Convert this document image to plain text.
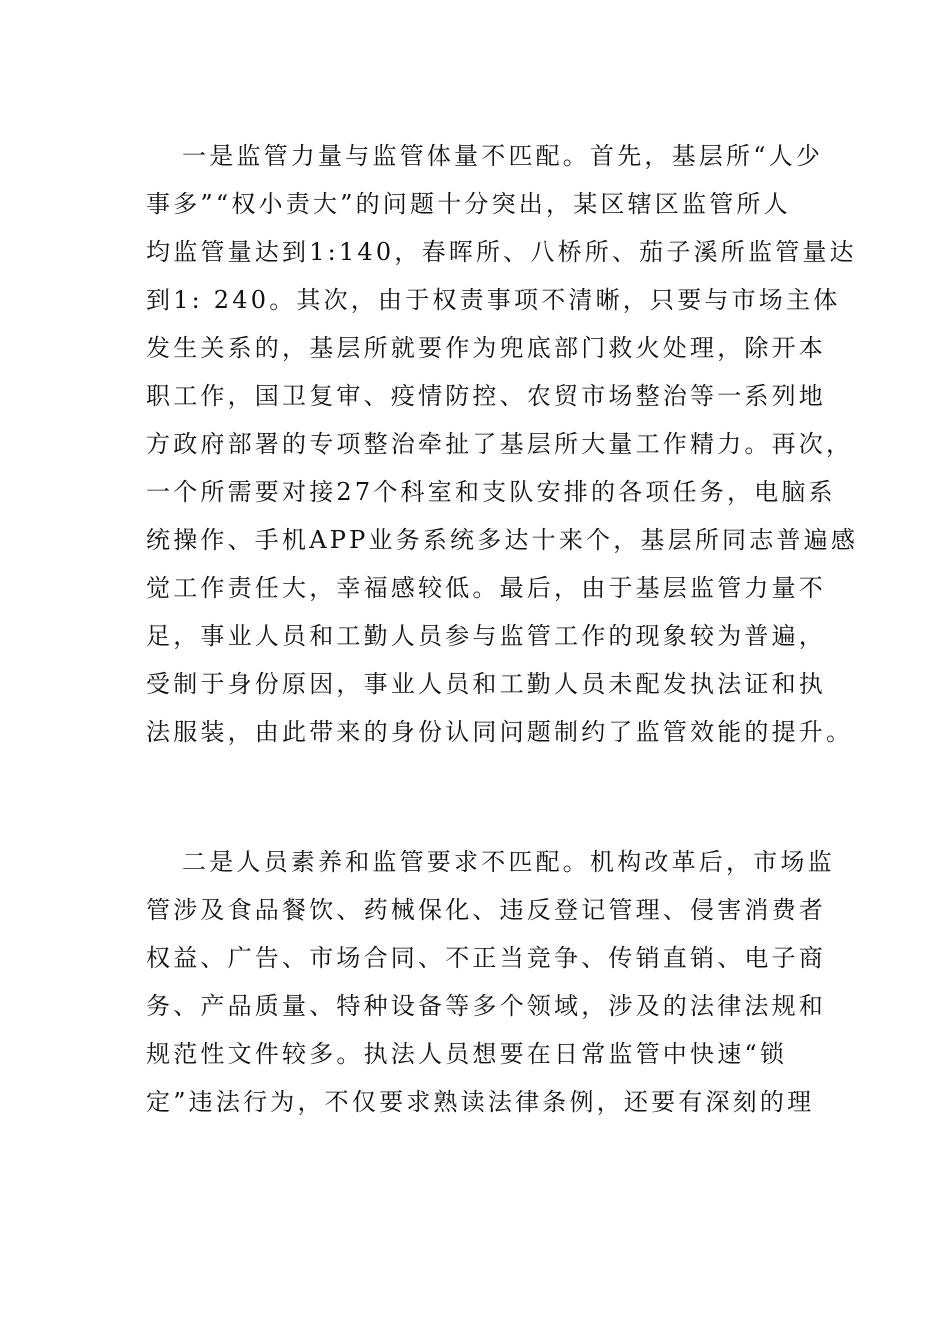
一是监管力量与监管体量不匹配。首先，基层所“人少
事多”“权小责大”的问题十分突出，某区辖区监管所人
均监管量达到1:140，春晖所、八桥所、茄子溪所监管量达
到1: 240。其次，由于权责事项不清晰，只要与市场主体
发生关系的，基层所就要作为兜底部门救火处理，除开本
职工作，国卫复审、疫情防控、农贸市场整治等一系列地
方政府部署的专项整治牵扯了基层所大量工作精力。再次，
一个所需要对接27个科室和支队安排的各项任务，电脑系
统操作、手机APP业务系统多达十来个，基层所同志普遍感
觉工作责任大，幸福感较低。最后，由于基层监管力量不
足，事业人员和工勤人员参与监管工作的现象较为普遍，
受制于身份原因，事业人员和工勤人员未配发执法证和执
法服装，由此带来的身份认同问题制约了监管效能的提升。
二是人员素养和监管要求不匹配。机构改革后，市场监
管涉及食品餐饮、药械保化、违反登记管理、侵害消费者
权益、广告、市场合同、不正当竞争、传销直销、电子商
务、产品质量、特种设备等多个领域，涉及的法律法规和
规范性文件较多。执法人员想要在日常监管中快速“锁
定”违法行为，不仅要求熟读法律条例，还要有深刻的理
